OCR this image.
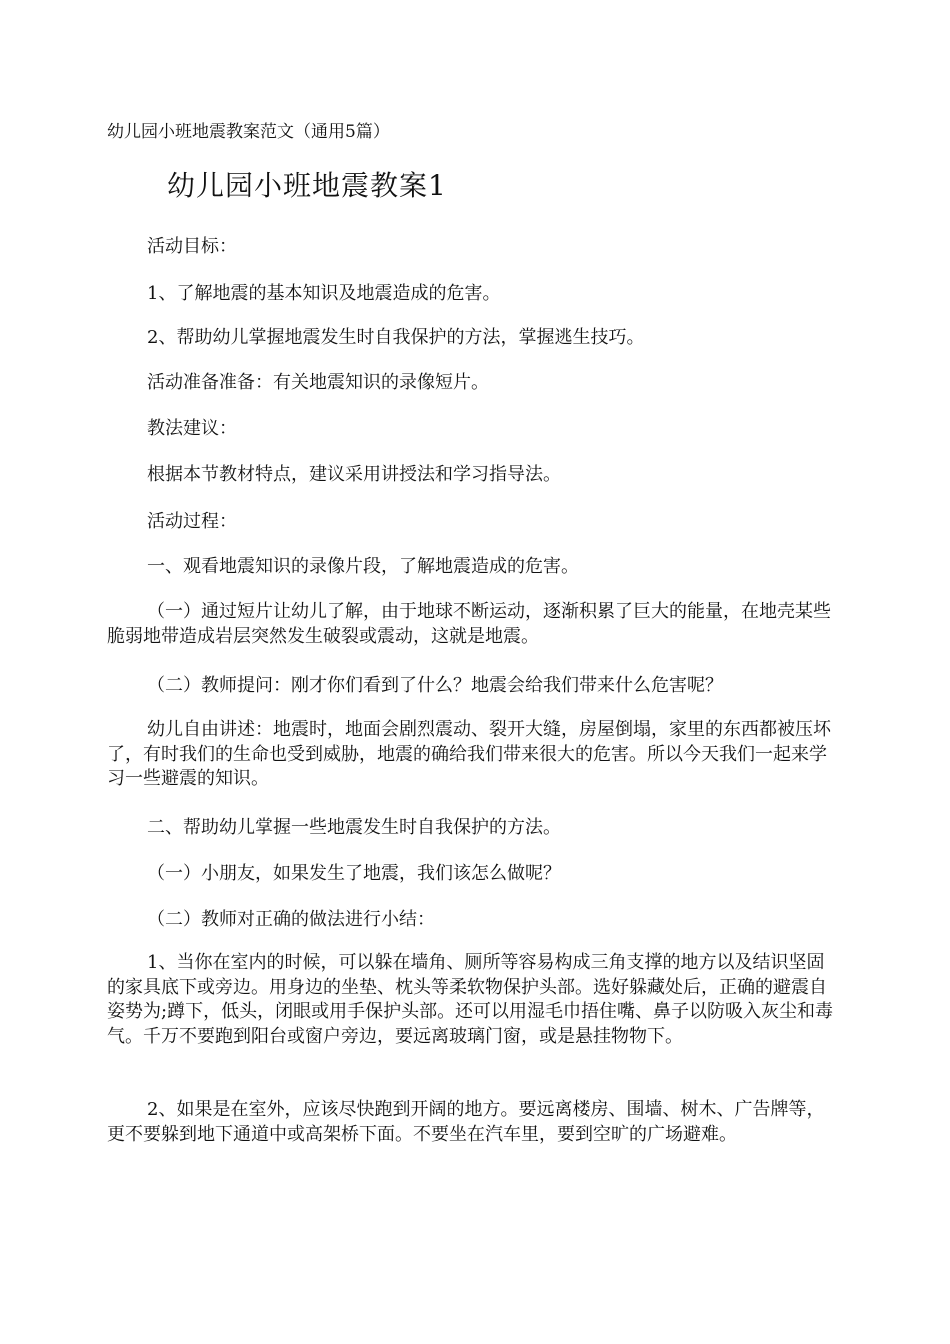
幼儿园小班地震教案范文（通用5篇）
幼儿园小班地震教案1

活动目标：

1、了解地震的基本知识及地震造成的危害。

2、帮助幼儿掌握地震发生时自我保护的方法，掌握逃生技巧。

活动准备准备：有关地震知识的录像短片。

教法建议：

根据本节教材特点，建议采用讲授法和学习指导法。

活动过程：

一、观看地震知识的录像片段，了解地震造成的危害。

（一）通过短片让幼儿了解，由于地球不断运动，逐渐积累了巨大的能量，在地壳某些脆弱地带造成岩层突然发生破裂或震动，这就是地震。

（二）教师提问：刚才你们看到了什么？地震会给我们带来什么危害呢？

幼儿自由讲述：地震时，地面会剧烈震动、裂开大缝，房屋倒塌，家里的东西都被压坏了，有时我们的生命也受到威胁，地震的确给我们带来很大的危害。所以今天我们一起来学习一些避震的知识。

二、帮助幼儿掌握一些地震发生时自我保护的方法。

（一）小朋友，如果发生了地震，我们该怎么做呢？

（二）教师对正确的做法进行小结：

1、当你在室内的时候，可以躲在墙角、厕所等容易构成三角支撑的地方以及结识坚固的家具底下或旁边。用身边的坐垫、枕头等柔软物保护头部。选好躲藏处后，正确的避震自姿势为;蹲下，低头，闭眼或用手保护头部。还可以用湿毛巾捂住嘴、鼻子以防吸入灰尘和毒气。千万不要跑到阳台或窗户旁边，要远离玻璃门窗，或是悬挂物物下。

2、如果是在室外，应该尽快跑到开阔的地方。要远离楼房、围墙、树木、广告牌等，更不要躲到地下通道中或高架桥下面。不要坐在汽车里，要到空旷的广场避难。
